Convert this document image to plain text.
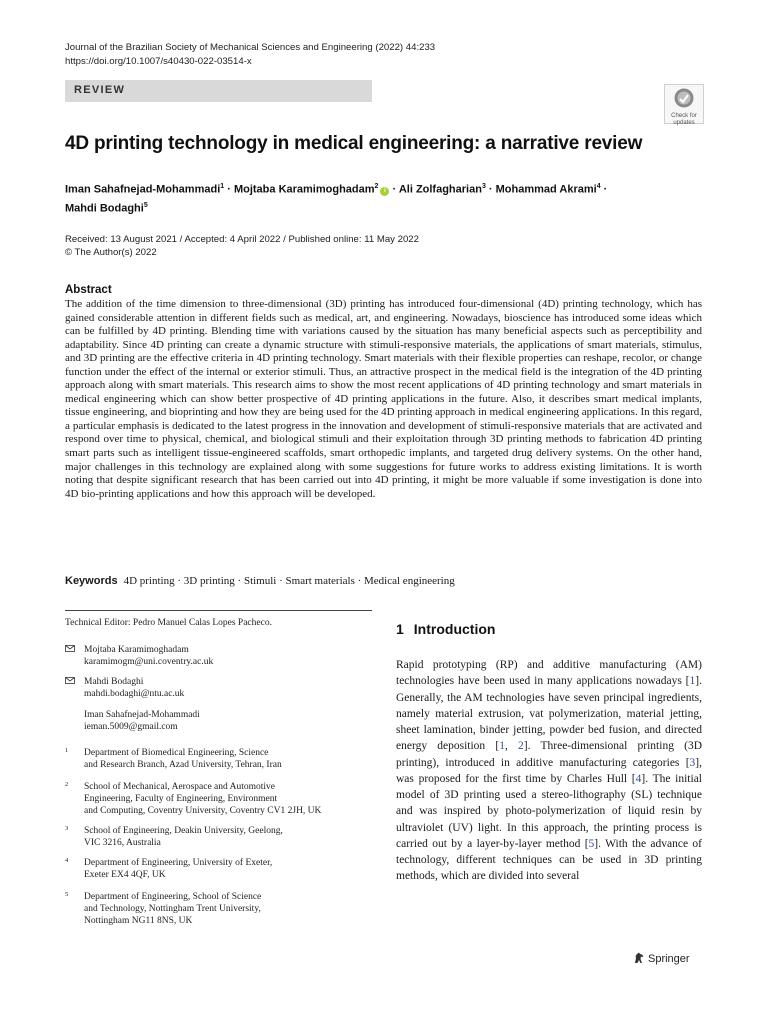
Journal of the Brazilian Society of Mechanical Sciences and Engineering (2022) 44:233
https://doi.org/10.1007/s40430-022-03514-x
REVIEW
Check for updates
4D printing technology in medical engineering: a narrative review
Iman Sahafnejad-Mohammadi$^1$ · Mojtaba Karamimoghadam$^2$i · Ali Zolfagharian$^3$ · Mohammad Akrami$^4$ ·
Mahdi Bodaghi$^5$
Received: 13 August 2021 / Accepted: 4 April 2022 / Published online: 11 May 2022
© The Author(s) 2022
Abstract
The addition of the time dimension to three-dimensional (3D) printing has introduced four-dimensional (4D) printing technology, which has gained considerable attention in different fields such as medical, art, and engineering. Nowadays, bioscience has introduced some ideas which can be fulfilled by 4D printing. Blending time with variations caused by the situation has many beneficial aspects such as perceptibility and adaptability. Since 4D printing can create a dynamic structure with stimuli-responsive materials, the applications of smart materials, stimulus, and 3D printing are the effective criteria in 4D printing technology. Smart materials with their flexible properties can reshape, recolor, or change function under the effect of the internal or exterior stimuli. Thus, an attractive prospect in the medical field is the integration of the 4D printing approach along with smart materials. This research aims to show the most recent applications of 4D printing technology and smart materials in medical engineering which can show better prospective of 4D printing applications in the future. Also, it describes smart medical implants, tissue engineering, and bioprinting and how they are being used for the 4D printing approach in medical engineering applications. In this regard, a particular emphasis is dedicated to the latest progress in the innovation and development of stimuli-responsive materials that are activated and respond over time to physical, chemical, and biological stimuli and their exploitation through 3D printing methods to fabrication 4D printing smart parts such as intelligent tissue-engineered scaffolds, smart orthopedic implants, and targeted drug delivery systems. On the other hand, major challenges in this technology are explained along with some suggestions for future works to address existing limitations. It is worth noting that despite significant research that has been carried out into 4D printing, it might be more valuable if some investigation is done into 4D bio-printing applications and how this approach will be developed.
Keywords 4D printing · 3D printing · Stimuli · Smart materials · Medical engineering
Technical Editor: Pedro Manuel Calas Lopes Pacheco.
Mojtaba Karamimoghadam
karamimogm@uni.coventry.ac.uk
Mahdi Bodaghi
mahdi.bodaghi@ntu.ac.uk
Iman Sahafnejad-Mohammadi
ieman.5009@gmail.com
1 Department of Biomedical Engineering, Science
and Research Branch, Azad University, Tehran, Iran
2 School of Mechanical, Aerospace and Automotive
Engineering, Faculty of Engineering, Environment
and Computing, Coventry University, Coventry CV1 2JH, UK
3 School of Engineering, Deakin University, Geelong,
VIC 3216, Australia
4 Department of Engineering, University of Exeter,
Exeter EX4 4QF, UK
5 Department of Engineering, School of Science
and Technology, Nottingham Trent University,
Nottingham NG11 8NS, UK
1 Introduction
Rapid prototyping (RP) and additive manufacturing (AM) technologies have been used in many applications nowadays [1]. Generally, the AM technologies have seven principal ingredients, namely material extrusion, vat polymerization, material jetting, sheet lamination, binder jetting, powder bed fusion, and directed energy deposition [1, 2]. Three-dimensional printing (3D printing), introduced in additive manufacturing categories [3], was proposed for the first time by Charles Hull [4]. The initial model of 3D printing used a stereo-lithography (SL) technique and was inspired by photo-polymerization of liquid resin by ultraviolet (UV) light. In this approach, the printing process is carried out by a layer-by-layer method [5]. With the advance of technology, different techniques can be used in 3D printing methods, which are divided into several
Springer
